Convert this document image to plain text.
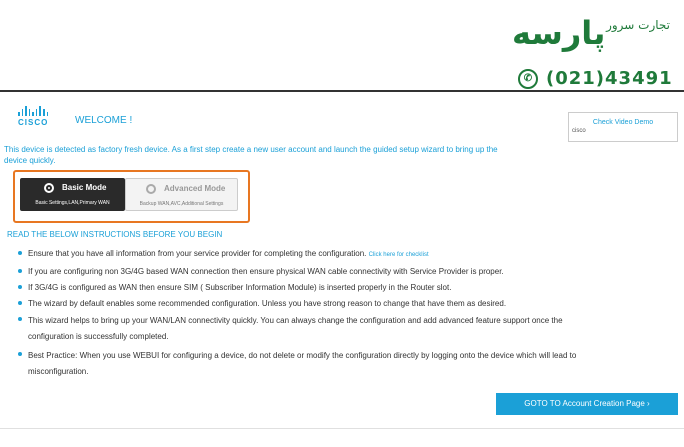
پارسه تجارت سرور
✆ (021)43491
CISCO	WELCOME !	Check Video Demo
cisco
This device is detected as factory fresh device. As a first step create a new user account and launch the guided setup wizard to bring up the device quickly.
Basic Mode
Basic Settings,LAN,Primary WAN
Advanced Mode
Backup WAN,AVC,Additional Settings
READ THE BELOW INSTRUCTIONS BEFORE YOU BEGIN
Ensure that you have all information from your service provider for completing the configuration. Click here for checklist
If you are configuring non 3G/4G based WAN connection then ensure physical WAN cable connectivity with Service Provider is proper.
If 3G/4G is configured as WAN then ensure SIM ( Subscriber Information Module) is inserted properly in the Router slot.
The wizard by default enables some recommended configuration. Unless you have strong reason to change that have them as desired.
This wizard helps to bring up your WAN/LAN connectivity quickly. You can always change the configuration and add advanced feature support once the configuration is successfully completed.
Best Practice: When you use WEBUI for configuring a device, do not delete or modify the configuration directly by logging onto the device which will lead to misconfiguration.
GOTO TO Account Creation Page ›
